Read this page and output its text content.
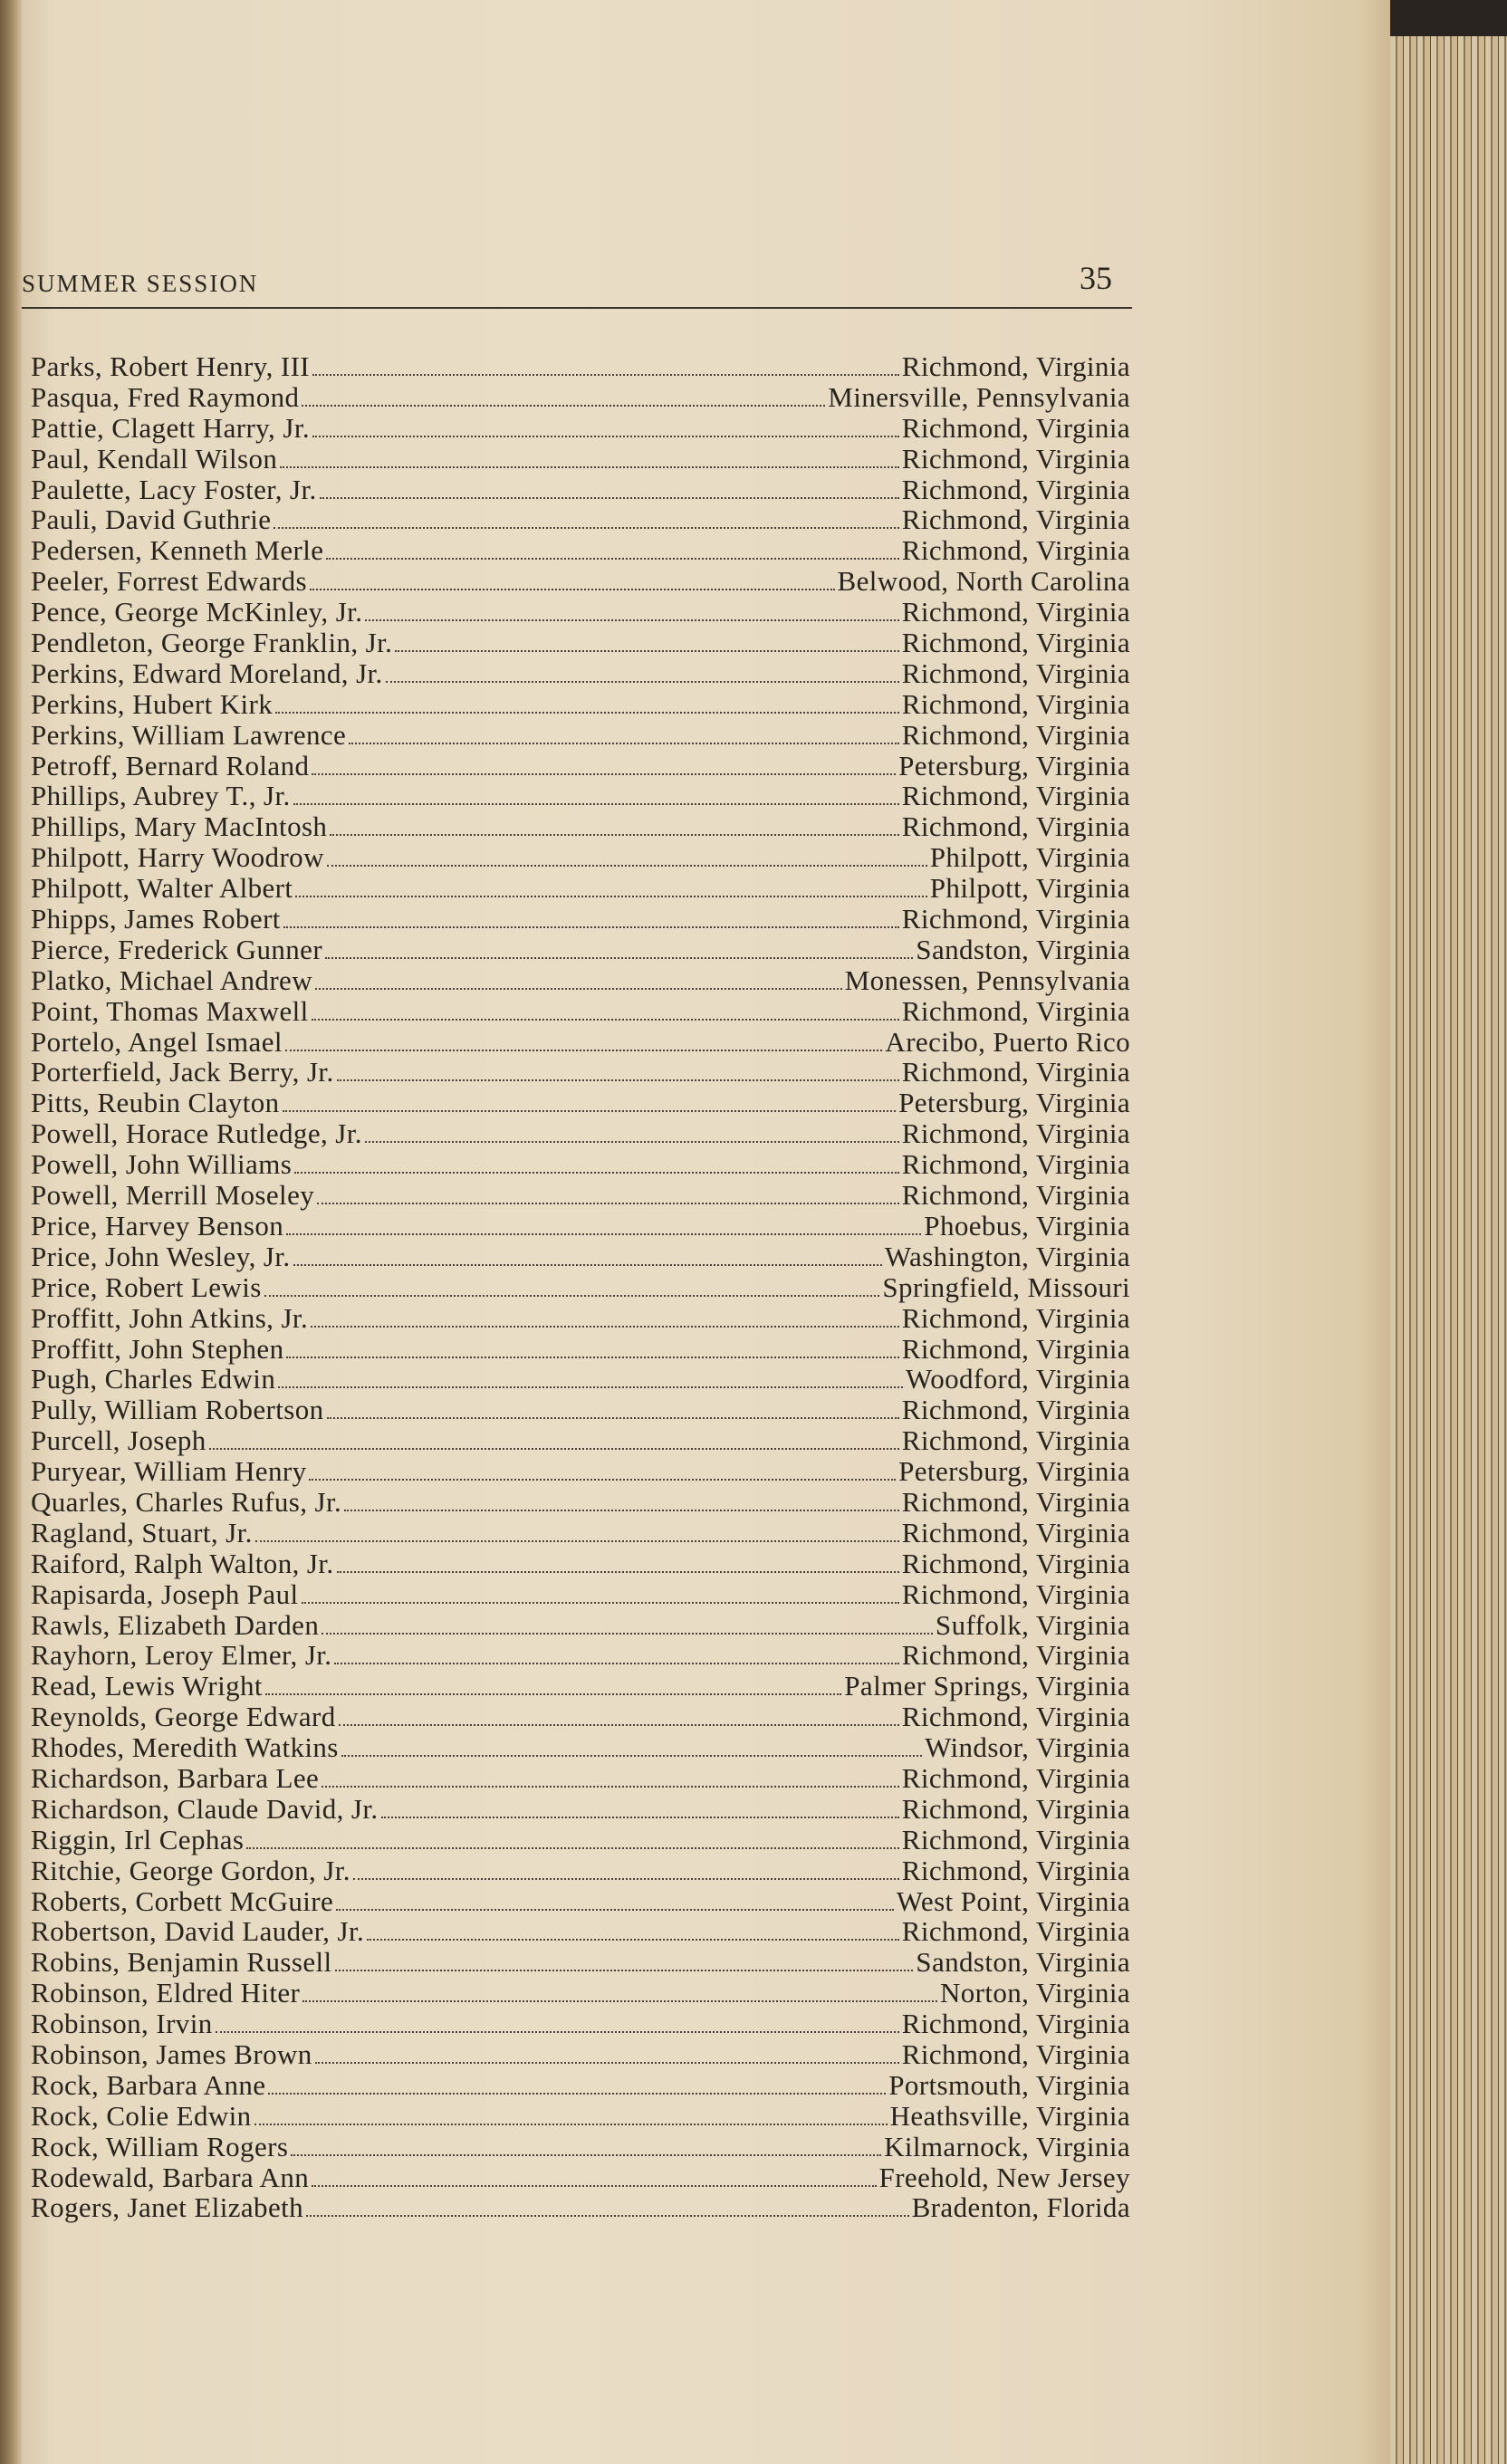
SUMMER SESSION	35
Parks, Robert Henry, III	Richmond, Virginia
Pasqua, Fred Raymond	Minersville, Pennsylvania
Pattie, Clagett Harry, Jr.	Richmond, Virginia
Paul, Kendall Wilson	Richmond, Virginia
Paulette, Lacy Foster, Jr.	Richmond, Virginia
Pauli, David Guthrie	Richmond, Virginia
Pedersen, Kenneth Merle	Richmond, Virginia
Peeler, Forrest Edwards	Belwood, North Carolina
Pence, George McKinley, Jr.	Richmond, Virginia
Pendleton, George Franklin, Jr.	Richmond, Virginia
Perkins, Edward Moreland, Jr.	Richmond, Virginia
Perkins, Hubert Kirk	Richmond, Virginia
Perkins, William Lawrence	Richmond, Virginia
Petroff, Bernard Roland	Petersburg, Virginia
Phillips, Aubrey T., Jr.	Richmond, Virginia
Phillips, Mary MacIntosh	Richmond, Virginia
Philpott, Harry Woodrow	Philpott, Virginia
Philpott, Walter Albert	Philpott, Virginia
Phipps, James Robert	Richmond, Virginia
Pierce, Frederick Gunner	Sandston, Virginia
Platko, Michael Andrew	Monessen, Pennsylvania
Point, Thomas Maxwell	Richmond, Virginia
Portelo, Angel Ismael	Arecibo, Puerto Rico
Porterfield, Jack Berry, Jr.	Richmond, Virginia
Pitts, Reubin Clayton	Petersburg, Virginia
Powell, Horace Rutledge, Jr.	Richmond, Virginia
Powell, John Williams	Richmond, Virginia
Powell, Merrill Moseley	Richmond, Virginia
Price, Harvey Benson	Phoebus, Virginia
Price, John Wesley, Jr.	Washington, Virginia
Price, Robert Lewis	Springfield, Missouri
Proffitt, John Atkins, Jr.	Richmond, Virginia
Proffitt, John Stephen	Richmond, Virginia
Pugh, Charles Edwin	Woodford, Virginia
Pully, William Robertson	Richmond, Virginia
Purcell, Joseph	Richmond, Virginia
Puryear, William Henry	Petersburg, Virginia
Quarles, Charles Rufus, Jr.	Richmond, Virginia
Ragland, Stuart, Jr.	Richmond, Virginia
Raiford, Ralph Walton, Jr.	Richmond, Virginia
Rapisarda, Joseph Paul	Richmond, Virginia
Rawls, Elizabeth Darden	Suffolk, Virginia
Rayhorn, Leroy Elmer, Jr.	Richmond, Virginia
Read, Lewis Wright	Palmer Springs, Virginia
Reynolds, George Edward	Richmond, Virginia
Rhodes, Meredith Watkins	Windsor, Virginia
Richardson, Barbara Lee	Richmond, Virginia
Richardson, Claude David, Jr.	Richmond, Virginia
Riggin, Irl Cephas	Richmond, Virginia
Ritchie, George Gordon, Jr.	Richmond, Virginia
Roberts, Corbett McGuire	West Point, Virginia
Robertson, David Lauder, Jr.	Richmond, Virginia
Robins, Benjamin Russell	Sandston, Virginia
Robinson, Eldred Hiter	Norton, Virginia
Robinson, Irvin	Richmond, Virginia
Robinson, James Brown	Richmond, Virginia
Rock, Barbara Anne	Portsmouth, Virginia
Rock, Colie Edwin	Heathsville, Virginia
Rock, William Rogers	Kilmarnock, Virginia
Rodewald, Barbara Ann	Freehold, New Jersey
Rogers, Janet Elizabeth	Bradenton, Florida
